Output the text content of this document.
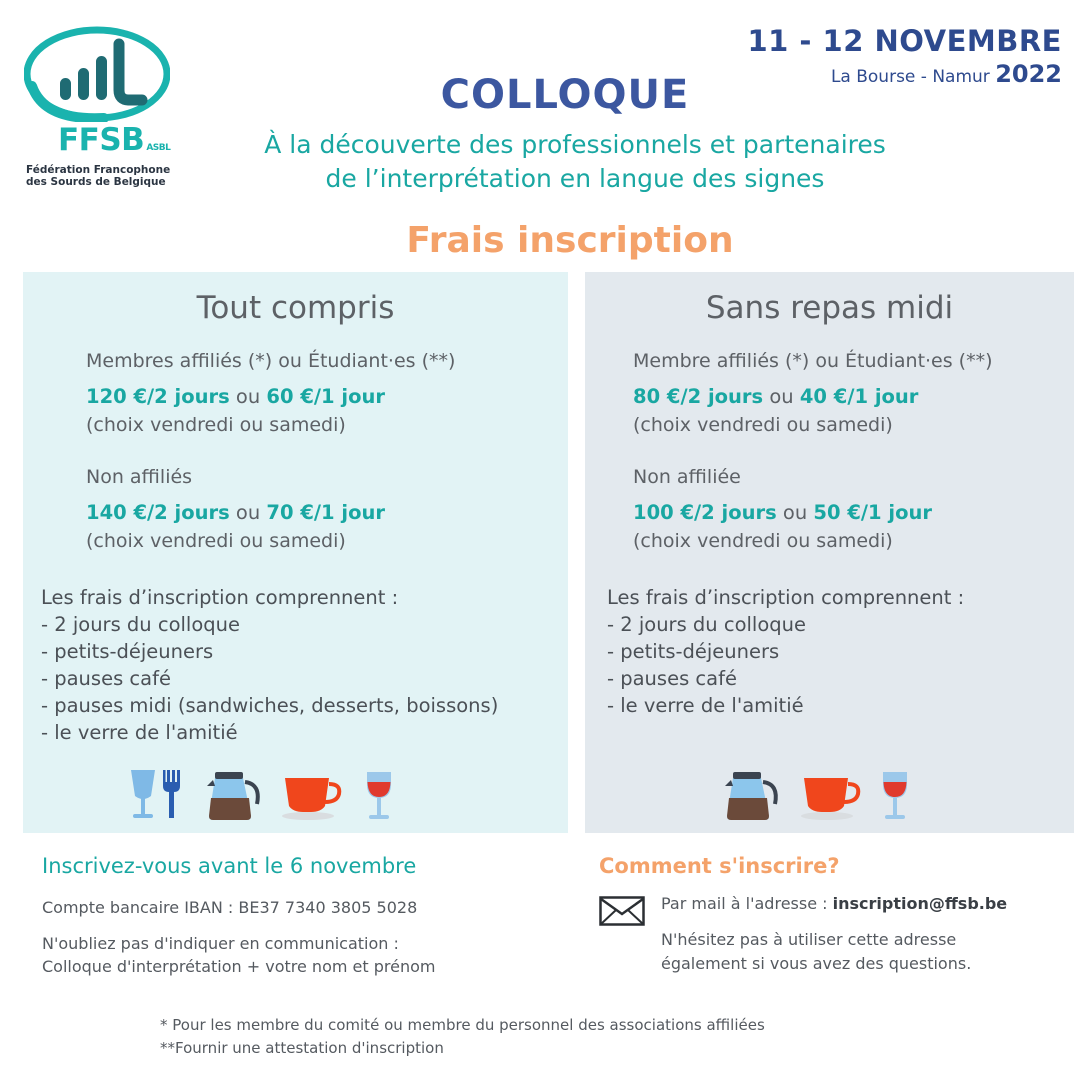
FFSB ASBL
Fédération Francophone
des Sourds de Belgique
11 - 12 NOVEMBRE
La Bourse - Namur 2022
COLLOQUE
À la découverte des professionnels et partenaires
de l’interprétation en langue des signes
Frais inscription
Tout compris
Membres affiliés (*) ou Étudiant·es (**)
120 €/2 jours ou 60 €/1 jour
(choix vendredi ou samedi)
Non affiliés
140 €/2 jours ou 70 €/1 jour
(choix vendredi ou samedi)
Les frais d’inscription comprennent :
- 2 jours du colloque
- petits-déjeuners
- pauses café
- pauses midi (sandwiches, desserts, boissons)
- le verre de l'amitié
Sans repas midi
Membre affiliés (*) ou Étudiant·es (**)
80 €/2 jours ou 40 €/1 jour
(choix vendredi ou samedi)
Non affiliée
100 €/2 jours ou 50 €/1 jour
(choix vendredi ou samedi)
Les frais d’inscription comprennent :
- 2 jours du colloque
- petits-déjeuners
- pauses café
- le verre de l'amitié
Inscrivez-vous avant le 6 novembre
Compte bancaire IBAN : BE37 7340 3805 5028
N'oubliez pas d'indiquer en communication :
Colloque d'interprétation + votre nom et prénom
Comment s'inscrire?
Par mail à l'adresse : inscription@ffsb.be
N'hésitez pas à utiliser cette adresse
également si vous avez des questions.
* Pour les membre du comité ou membre du personnel des associations affiliées
**Fournir une attestation d'inscription
